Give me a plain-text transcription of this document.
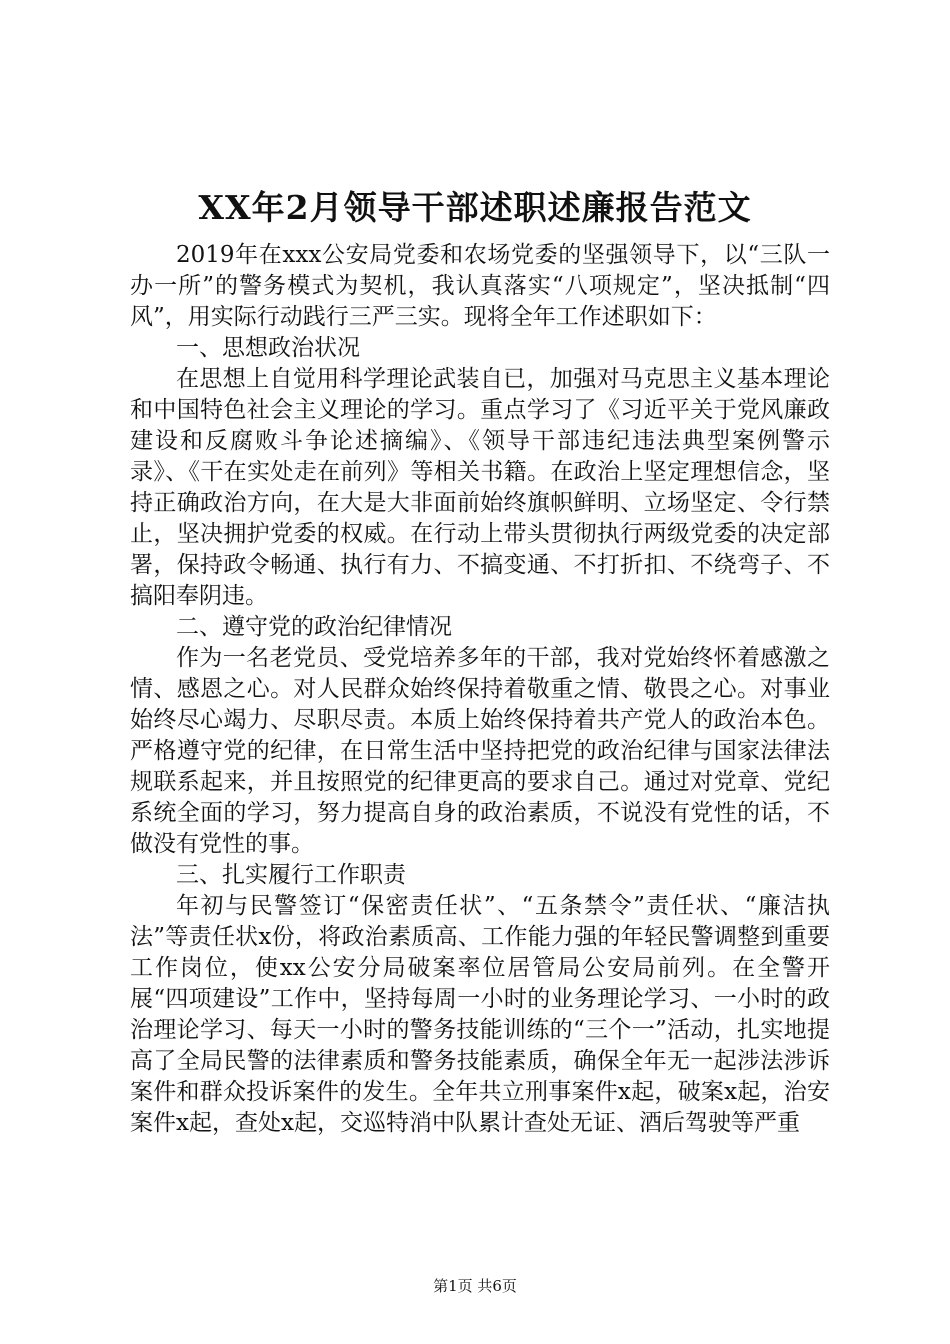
XX年2月领导干部述职述廉报告范文

2019年在xxx公安局党委和农场党委的坚强领导下，以“三队一办一所”的警务模式为契机，我认真落实“八项规定”，坚决抵制“四风”，用实际行动践行三严三实。现将全年工作述职如下：

一、思想政治状况

在思想上自觉用科学理论武装自已，加强对马克思主义基本理论和中国特色社会主义理论的学习。重点学习了《习近平关于党风廉政建设和反腐败斗争论述摘编》、《领导干部违纪违法典型案例警示录》、《干在实处走在前列》等相关书籍。在政治上坚定理想信念，坚持正确政治方向，在大是大非面前始终旗帜鲜明、立场坚定、令行禁止，坚决拥护党委的权威。在行动上带头贯彻执行两级党委的决定部署，保持政令畅通、执行有力、不搞变通、不打折扣、不绕弯子、不搞阳奉阴违。

二、遵守党的政治纪律情况

作为一名老党员、受党培养多年的干部，我对党始终怀着感激之情、感恩之心。对人民群众始终保持着敬重之情、敬畏之心。对事业始终尽心竭力、尽职尽责。本质上始终保持着共产党人的政治本色。严格遵守党的纪律，在日常生活中坚持把党的政治纪律与国家法律法规联系起来，并且按照党的纪律更高的要求自己。通过对党章、党纪系统全面的学习，努力提高自身的政治素质，不说没有党性的话，不做没有党性的事。

三、扎实履行工作职责

年初与民警签订“保密责任状”、“五条禁令”责任状、“廉洁执法”等责任状x份，将政治素质高、工作能力强的年轻民警调整到重要工作岗位，使xx公安分局破案率位居管局公安局前列。在全警开展“四项建设”工作中，坚持每周一小时的业务理论学习、一小时的政治理论学习、每天一小时的警务技能训练的“三个一”活动，扎实地提高了全局民警的法律素质和警务技能素质，确保全年无一起涉法涉诉案件和群众投诉案件的发生。全年共立刑事案件x起，破案x起，治安案件x起，查处x起，交巡特消中队累计查处无证、酒后驾驶等严重

第1页 共6页
